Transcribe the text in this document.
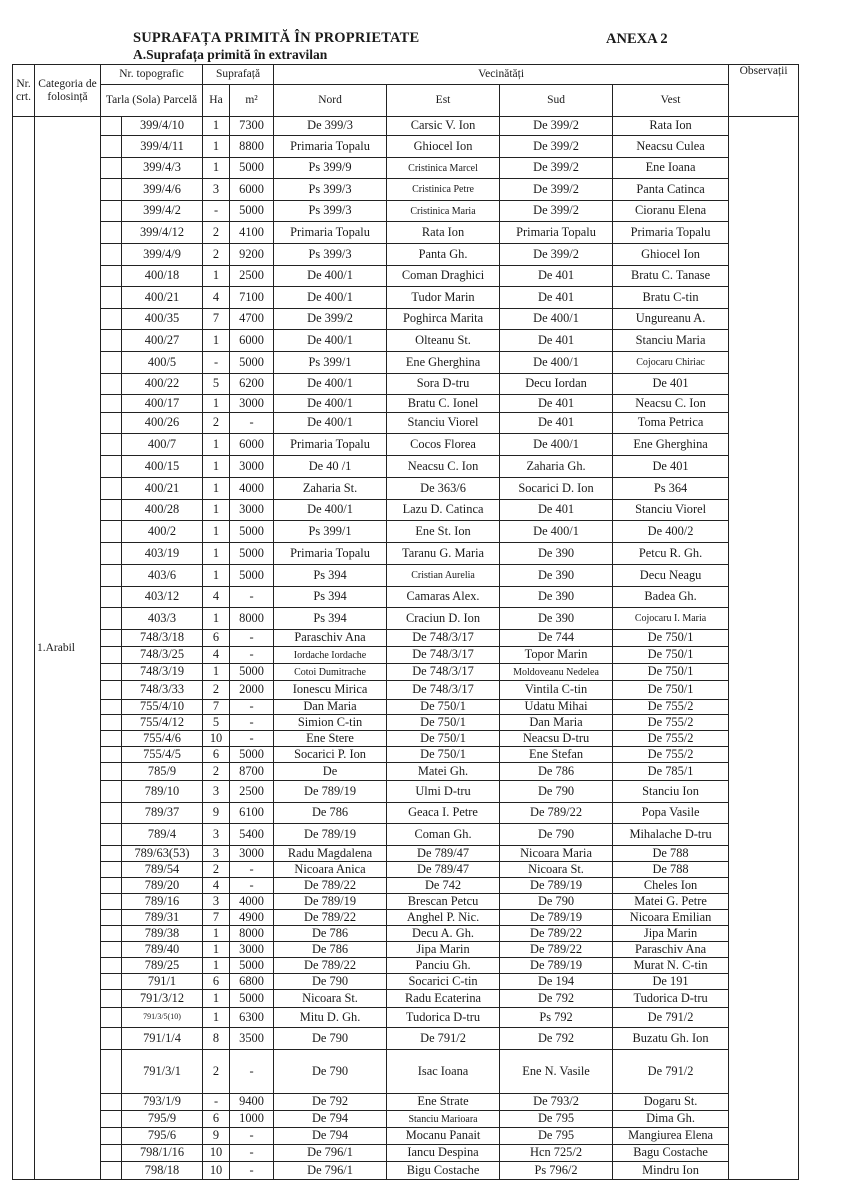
SUPRAFAȚA PRIMITĂ ÎN PROPRIETATE
A.Suprafața primită în extravilan
ANEXA 2
Nr. crt.	Categoria de folosință	Nr. topografic		Suprafață		Vecinătăți				Observații
		Tarla (Sola) Parcelă		Ha	m²	Nord	Est	Sud	Vest	
	1.Arabil		399/4/10	1	7300	De 399/3	Carsic V. Ion	De 399/2	Rata Ion	
			399/4/11	1	8800	Primaria Topalu	Ghiocel Ion	De 399/2	Neacsu Culea	
			399/4/3	1	5000	Ps 399/9	Cristinica Marcel	De 399/2	Ene Ioana	
			399/4/6	3	6000	Ps 399/3	Cristinica Petre	De 399/2	Panta Catinca	
			399/4/2	-	5000	Ps 399/3	Cristinica Maria	De 399/2	Cioranu Elena	
			399/4/12	2	4100	Primaria Topalu	Rata Ion	Primaria Topalu	Primaria Topalu	
			399/4/9	2	9200	Ps 399/3	Panta Gh.	De 399/2	Ghiocel Ion	
			400/18	1	2500	De 400/1	Coman Draghici	De 401	Bratu C. Tanase	
			400/21	4	7100	De 400/1	Tudor Marin	De 401	Bratu C-tin	
			400/35	7	4700	De 399/2	Poghirca Marita	De 400/1	Ungureanu A.	
			400/27	1	6000	De 400/1	Olteanu St.	De 401	Stanciu Maria	
			400/5	-	5000	Ps 399/1	Ene Gherghina	De 400/1	Cojocaru Chiriac	
			400/22	5	6200	De 400/1	Sora D-tru	Decu Iordan	De 401	
			400/17	1	3000	De 400/1	Bratu C. Ionel	De 401	Neacsu C. Ion	
			400/26	2	-	De 400/1	Stanciu Viorel	De 401	Toma Petrica	
			400/7	1	6000	Primaria Topalu	Cocos Florea	De 400/1	Ene Gherghina	
			400/15	1	3000	De 40 /1	Neacsu C. Ion	Zaharia Gh.	De 401	
			400/21	1	4000	Zaharia St.	De 363/6	Socarici D. Ion	Ps 364	
			400/28	1	3000	De 400/1	Lazu D. Catinca	De 401	Stanciu Viorel	
			400/2	1	5000	Ps 399/1	Ene St. Ion	De 400/1	De 400/2	
			403/19	1	5000	Primaria Topalu	Taranu G. Maria	De 390	Petcu R. Gh.	
			403/6	1	5000	Ps 394	Cristian Aurelia	De 390	Decu Neagu	
			403/12	4	-	Ps 394	Camaras Alex.	De 390	Badea Gh.	
			403/3	1	8000	Ps 394	Craciun D. Ion	De 390	Cojocaru I. Maria	
			748/3/18	6	-	Paraschiv Ana	De 748/3/17	De 744	De 750/1	
			748/3/25	4	-	Iordache Iordache	De 748/3/17	Topor Marin	De 750/1	
			748/3/19	1	5000	Cotoi Dumitrache	De 748/3/17	Moldoveanu Nedelea	De 750/1	
			748/3/33	2	2000	Ionescu Mirica	De 748/3/17	Vintila C-tin	De 750/1	
			755/4/10	7	-	Dan Maria	De 750/1	Udatu Mihai	De 755/2	
			755/4/12	5	-	Simion C-tin	De 750/1	Dan Maria	De 755/2	
			755/4/6	10	-	Ene Stere	De 750/1	Neacsu D-tru	De 755/2	
			755/4/5	6	5000	Socarici P. Ion	De 750/1	Ene Stefan	De 755/2	
			785/9	2	8700	De	Matei Gh.	De 786	De 785/1	
			789/10	3	2500	De 789/19	Ulmi D-tru	De 790	Stanciu Ion	
			789/37	9	6100	De 786	Geaca I. Petre	De 789/22	Popa Vasile	
			789/4	3	5400	De 789/19	Coman Gh.	De 790	Mihalache D-tru	
			789/63(53)	3	3000	Radu Magdalena	De 789/47	Nicoara Maria	De 788	
			789/54	2	-	Nicoara Anica	De 789/47	Nicoara St.	De 788	
			789/20	4	-	De 789/22	De 742	De 789/19	Cheles Ion	
			789/16	3	4000	De 789/19	Brescan Petcu	De 790	Matei G. Petre	
			789/31	7	4900	De 789/22	Anghel P. Nic.	De 789/19	Nicoara Emilian	
			789/38	1	8000	De 786	Decu A. Gh.	De 789/22	Jipa Marin	
			789/40	1	3000	De 786	Jipa Marin	De 789/22	Paraschiv Ana	
			789/25	1	5000	De 789/22	Panciu Gh.	De 789/19	Murat N. C-tin	
			791/1	6	6800	De 790	Socarici C-tin	De 194	De 191	
			791/3/12	1	5000	Nicoara St.	Radu Ecaterina	De 792	Tudorica D-tru	
			791/3/5(10)	1	6300	Mitu D. Gh.	Tudorica D-tru	Ps 792	De 791/2	
			791/1/4	8	3500	De 790	De 791/2	De 792	Buzatu Gh. Ion	
			791/3/1	2	-	De 790	Isac Ioana	Ene N. Vasile	De 791/2	
			793/1/9	-	9400	De 792	Ene Strate	De 793/2	Dogaru St.	
			795/9	6	1000	De 794	Stanciu Marioara	De 795	Dima Gh.	
			795/6	9	-	De 794	Mocanu Panait	De 795	Mangiurea Elena	
			798/1/16	10	-	De 796/1	Iancu Despina	Hcn 725/2	Bagu Costache	
			798/18	10	-	De 796/1	Bigu Costache	Ps 796/2	Mindru Ion	
